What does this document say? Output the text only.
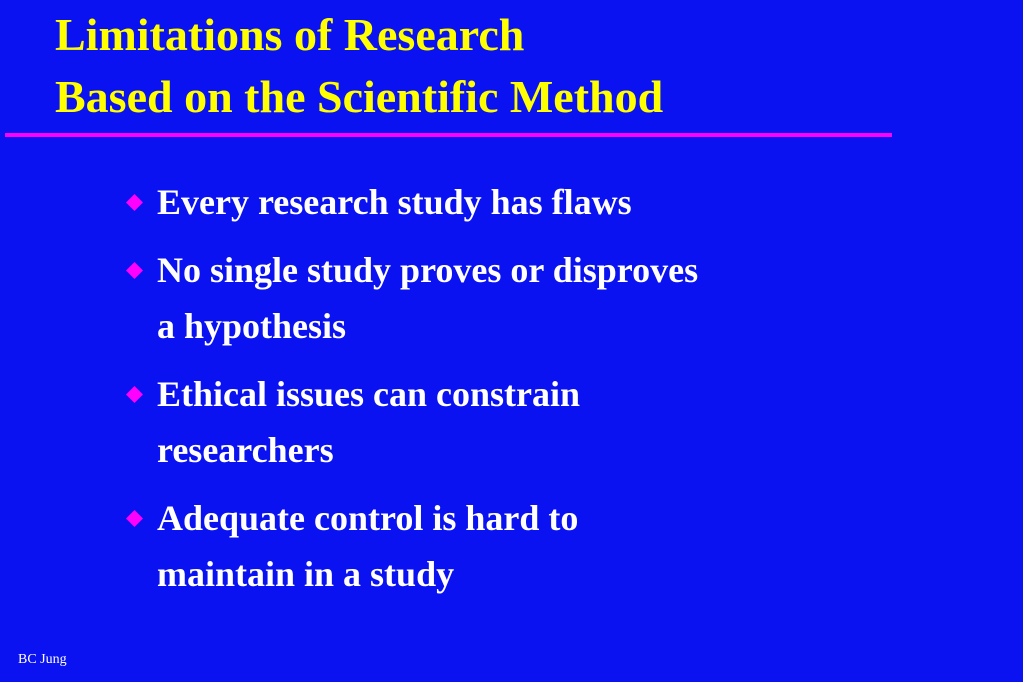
Limitations of Research
Based on the Scientific Method
Every research study has flaws
No single study proves or disproves
a hypothesis
Ethical issues can constrain
researchers
Adequate control is hard to
maintain in a study
BC Jung
